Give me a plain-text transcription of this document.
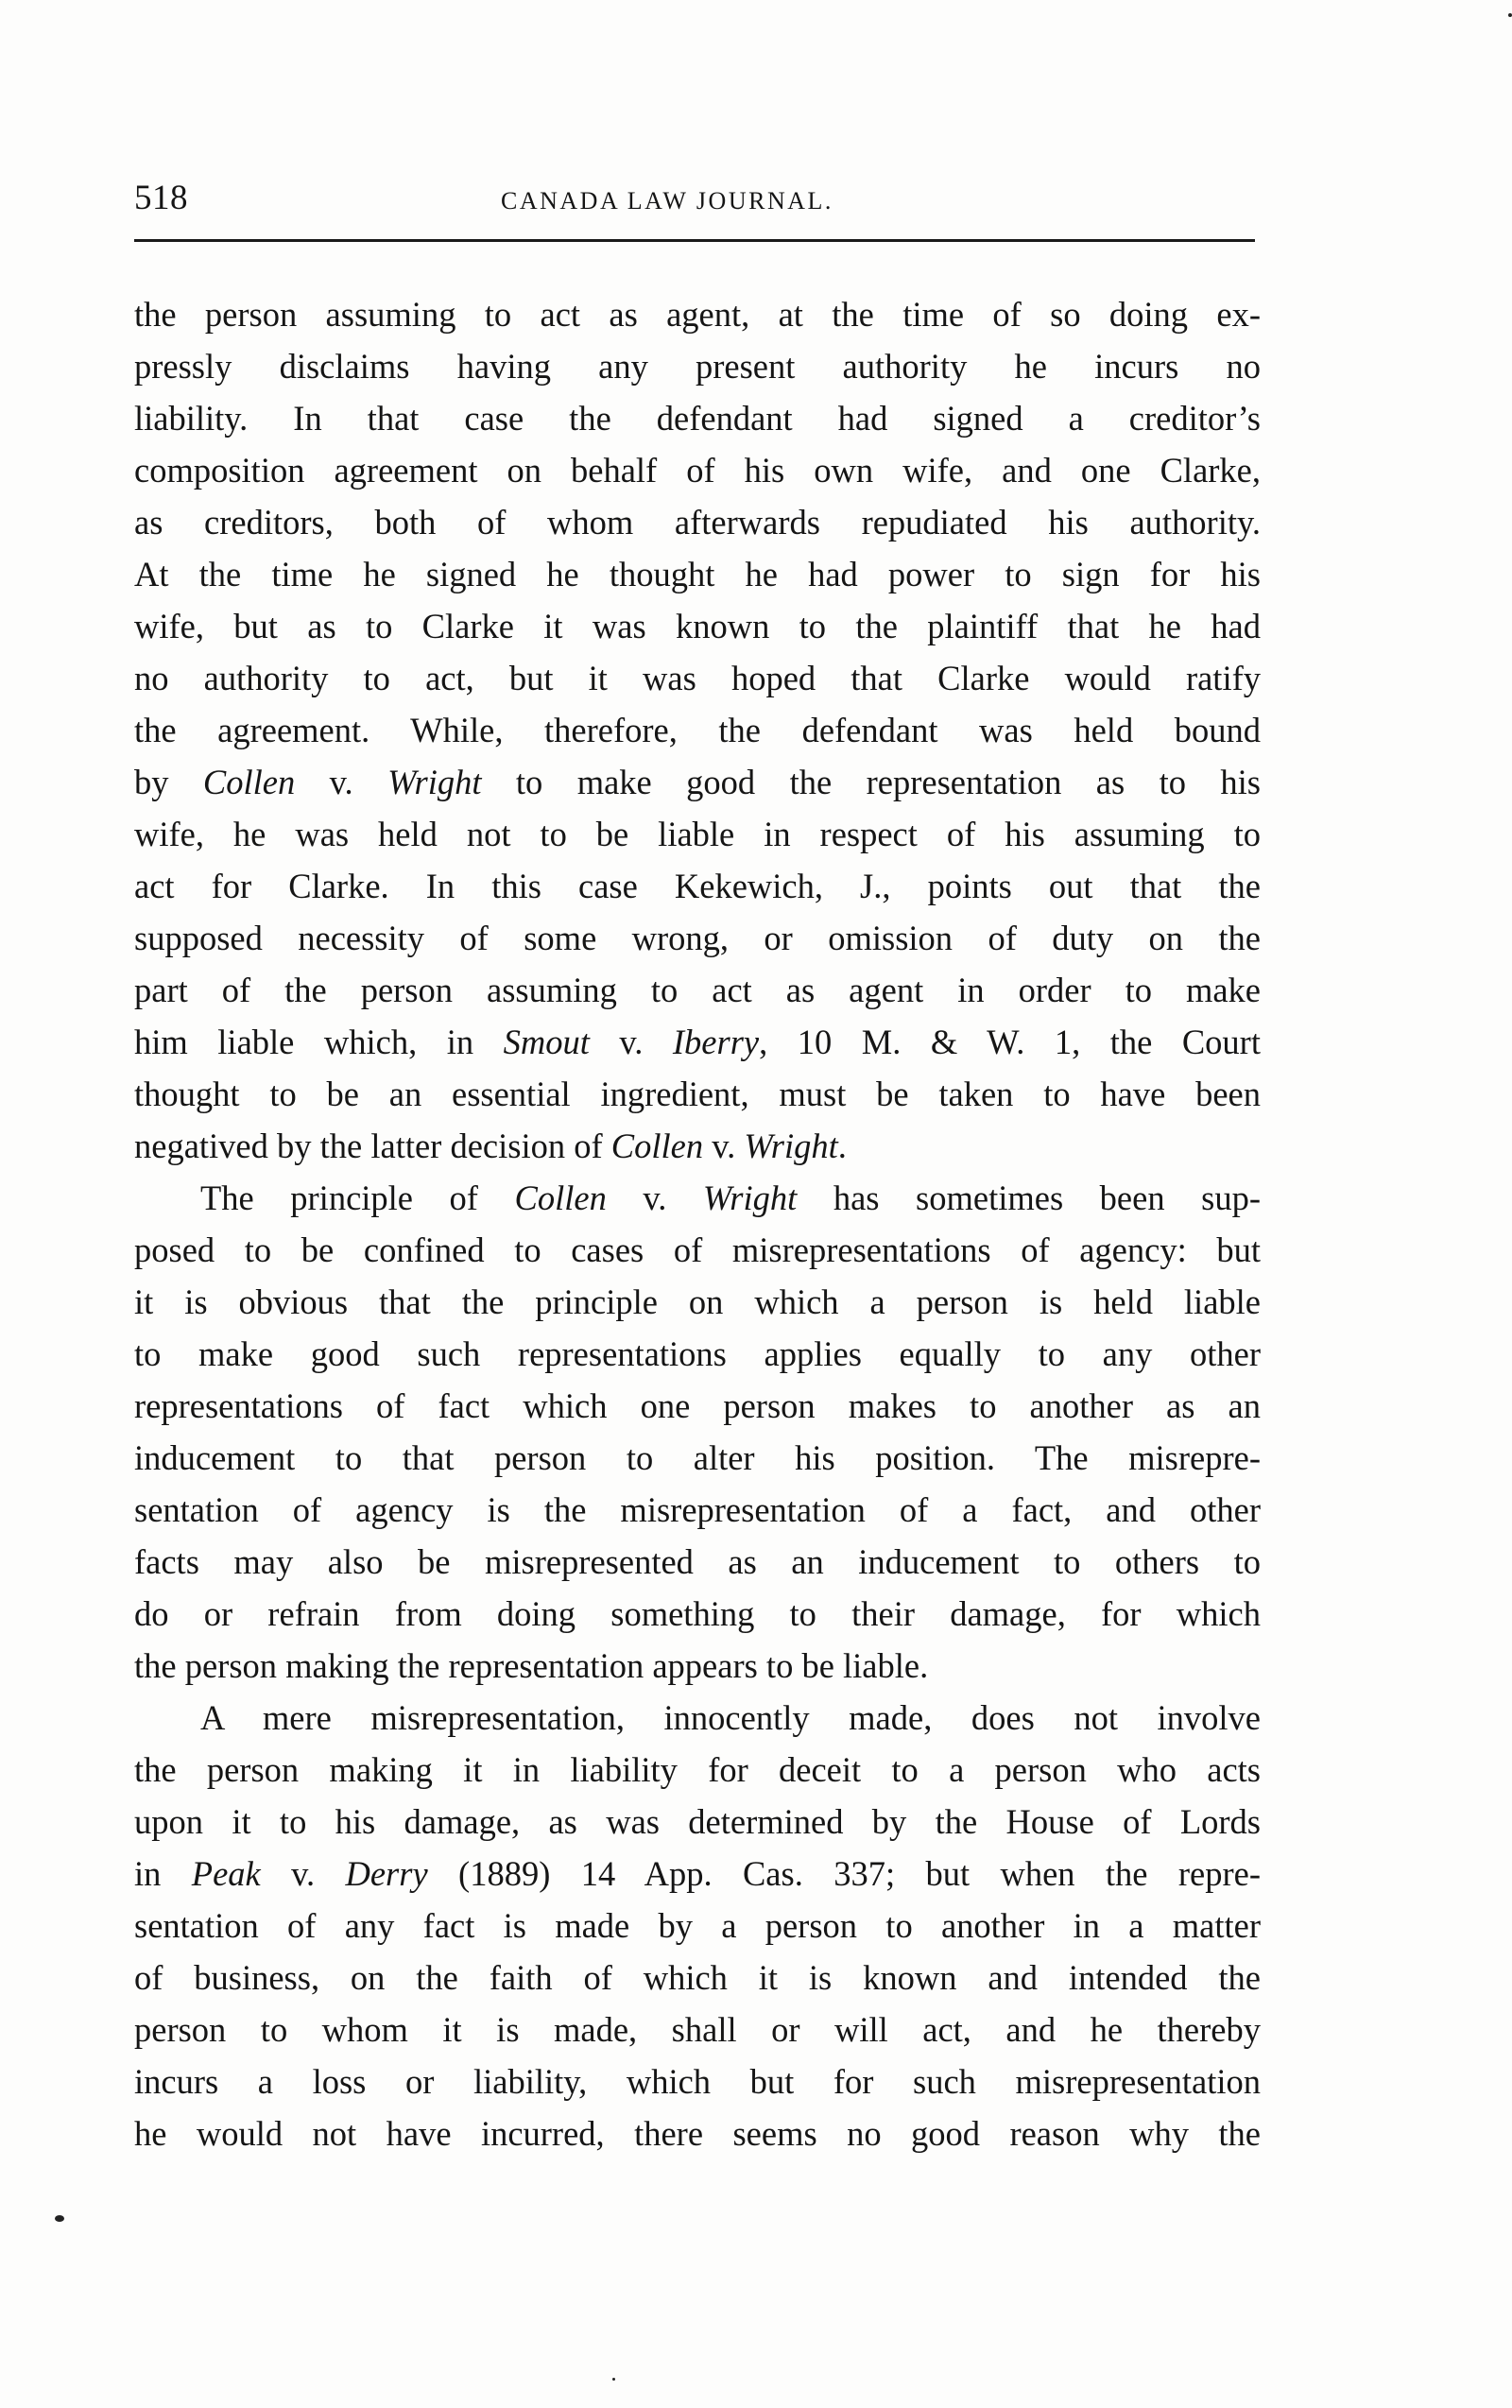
518	CANADA LAW JOURNAL.

the person assuming to act as agent, at the time of so doing ex-
pressly disclaims having any present authority he incurs no
liability. In that case the defendant had signed a creditor’s
composition agreement on behalf of his own wife, and one Clarke,
as creditors, both of whom afterwards repudiated his authority.
At the time he signed he thought he had power to sign for his
wife, but as to Clarke it was known to the plaintiff that he had
no authority to act, but it was hoped that Clarke would ratify
the agreement. While, therefore, the defendant was held bound
by Collen v. Wright to make good the representation as to his
wife, he was held not to be liable in respect of his assuming to
act for Clarke. In this case Kekewich, J., points out that the
supposed necessity of some wrong, or omission of duty on the
part of the person assuming to act as agent in order to make
him liable which, in Smout v. Iberry, 10 M. & W. 1, the Court
thought to be an essential ingredient, must be taken to have been
negatived by the latter decision of Collen v. Wright.

The principle of Collen v. Wright has sometimes been sup-
posed to be confined to cases of misrepresentations of agency: but
it is obvious that the principle on which a person is held liable
to make good such representations applies equally to any other
representations of fact which one person makes to another as an
inducement to that person to alter his position. The misrepre-
sentation of agency is the misrepresentation of a fact, and other
facts may also be misrepresented as an inducement to others to
do or refrain from doing something to their damage, for which
the person making the representation appears to be liable.

A mere misrepresentation, innocently made, does not involve
the person making it in liability for deceit to a person who acts
upon it to his damage, as was determined by the House of Lords
in Peak v. Derry (1889) 14 App. Cas. 337; but when the repre-
sentation of any fact is made by a person to another in a matter
of business, on the faith of which it is known and intended the
person to whom it is made, shall or will act, and he thereby
incurs a loss or liability, which but for such misrepresentation
he would not have incurred, there seems no good reason why the
